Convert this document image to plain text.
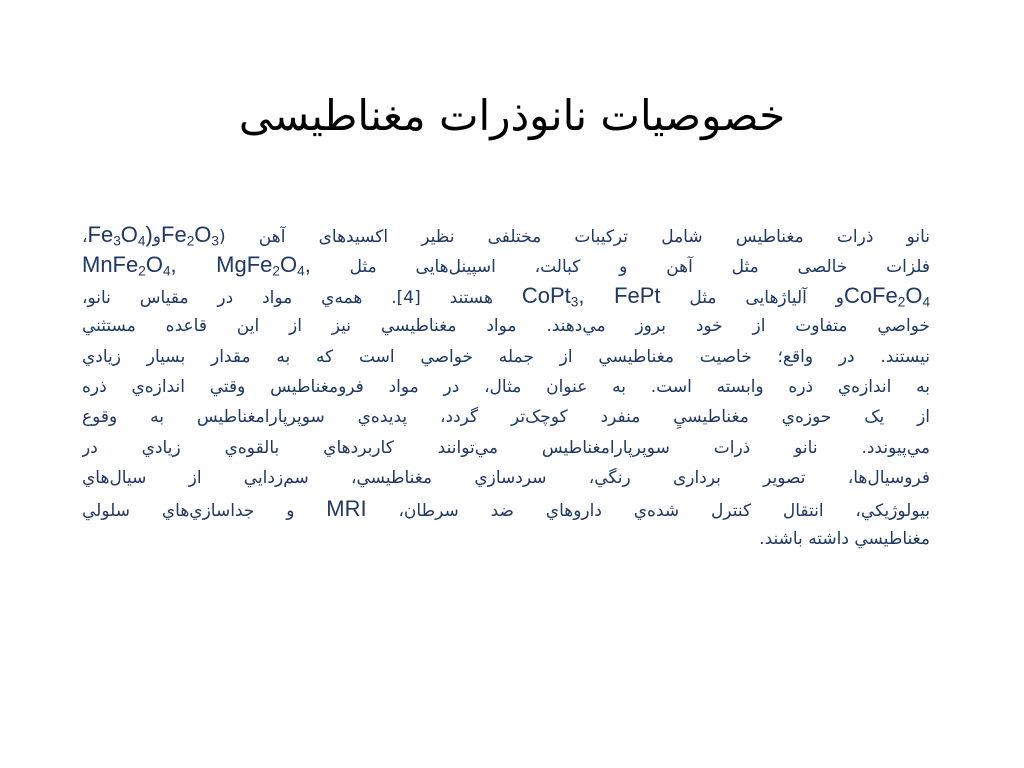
خصوصیات نانوذرات مغناطیسی
نانو ذرات مغناطیس شامل ترکیبات مختلفی نظیر اکسیدهای آهن $(Fe_2O_3وFe_3O_4)،$
فلزات خالصی مثل آهن و کبالت، اسپینل‌هایی مثل $MnFe_2O_4$, $MgFe_2O_4$,
$CoFe_2O_4و$ آلیاژهایی مثل CoPt$_3$, FePt هستند [4]. همه‌ي مواد در مقیاس نانو،
خواصي متفاوت از خود بروز مي‌دهند. مواد مغناطيسي نيز از اين قاعده مستثني
نيستند. در واقع؛ خاصيت مغناطيسي از جمله خواصي است كه به مقدار بسيار زيادي
به اندازه‌ي ذره وابسته است. به عنوان مثال، در مواد فرومغناطيس وقتي اندازه‌ي ذره
از يک حوزه‌ي مغناطيسيِ منفرد کوچک‌تر گردد، پديده‌ي سوپرپارامغناطيس به وقوع
مي‌پيوندد. نانو ذرات سوپرپارامغناطيس مي‌توانند کاربردهاي بالقوه‌ي زيادي در
فروسیال‌ها، تصویر برداری رنگي، سردسازي مغناطيسي، سم‌زدايي از سيال‌هاي
بيولوژيکي، انتقال کنترل شده‌ي داروهاي ضد سرطان، MRI و جداسازي‌هاي سلولي
مغناطيسي داشته باشند.
